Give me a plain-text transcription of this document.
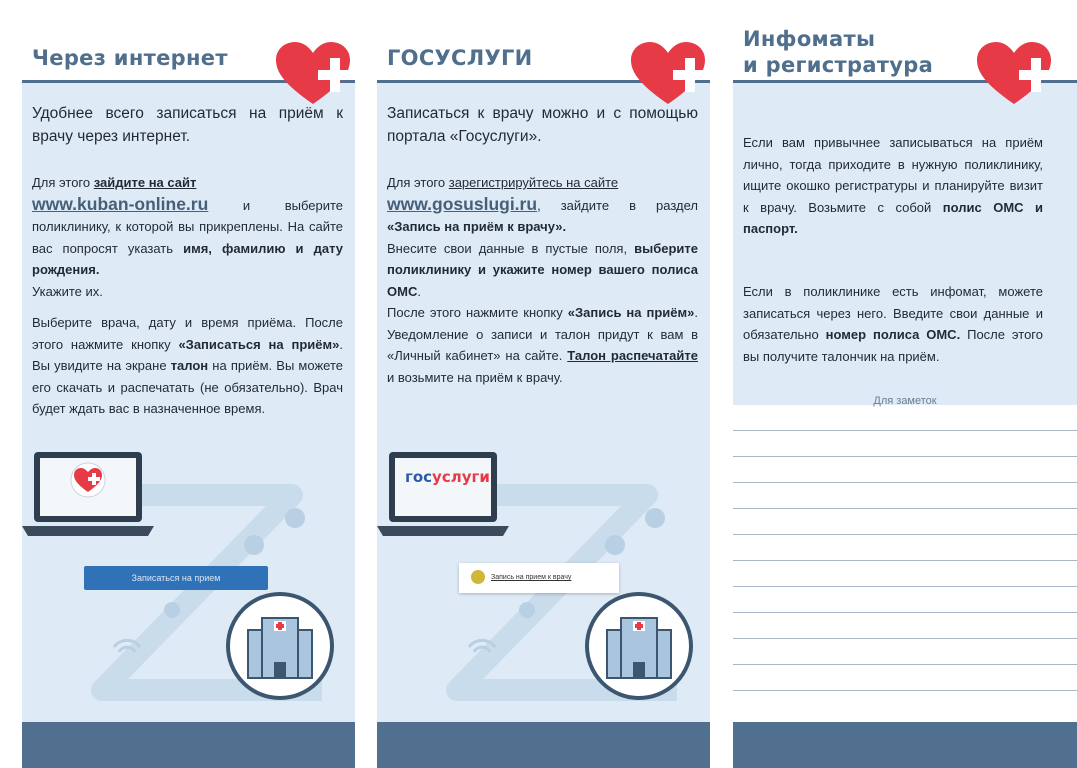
Через интернет
Удобнее всего записаться на приём к врачу через интернет.

Для этого зайдите на сайт
www.kuban-online.ru и выберите поликлинику, к которой вы прикреплены. На сайте вас попросят указать имя, фамилию и дату рождения.
Укажите их.

Выберите врача, дату и время приёма. После этого нажмите кнопку «Записаться на приём». Вы увидите на экране талон на приём. Вы можете его скачать и распечатать (не обязательно). Врач будет ждать вас в назначенное время.

Записаться на прием
ГОСУСЛУГИ
Записаться к врачу можно и с помощью портала «Госуслуги».

Для этого зарегистрируйтесь на сайте
www.gosuslugi.ru, зайдите в раздел «Запись на приём к врачу».
Внесите свои данные в пустые поля, выберите поликлинику и укажите номер вашего полиса ОМС.
После этого нажмите кнопку «Запись на приём». Уведомление о записи и талон придут к вам в «Личный кабинет» на сайте. Талон распечатайте и возьмите на приём к врачу.

госуслуги
Запись на прием к врачу
Инфоматы
и регистратура

Если вам привычнее записываться на приём лично, тогда приходите в нужную поликлинику, ищите окошко регистратуры и планируйте визит к врачу. Возьмите с собой полис ОМС и паспорт.

Если в поликлинике есть инфомат, можете записаться через него. Введите свои данные и обязательно номер полиса ОМС. После этого вы получите талончик на приём.

Для заметок
